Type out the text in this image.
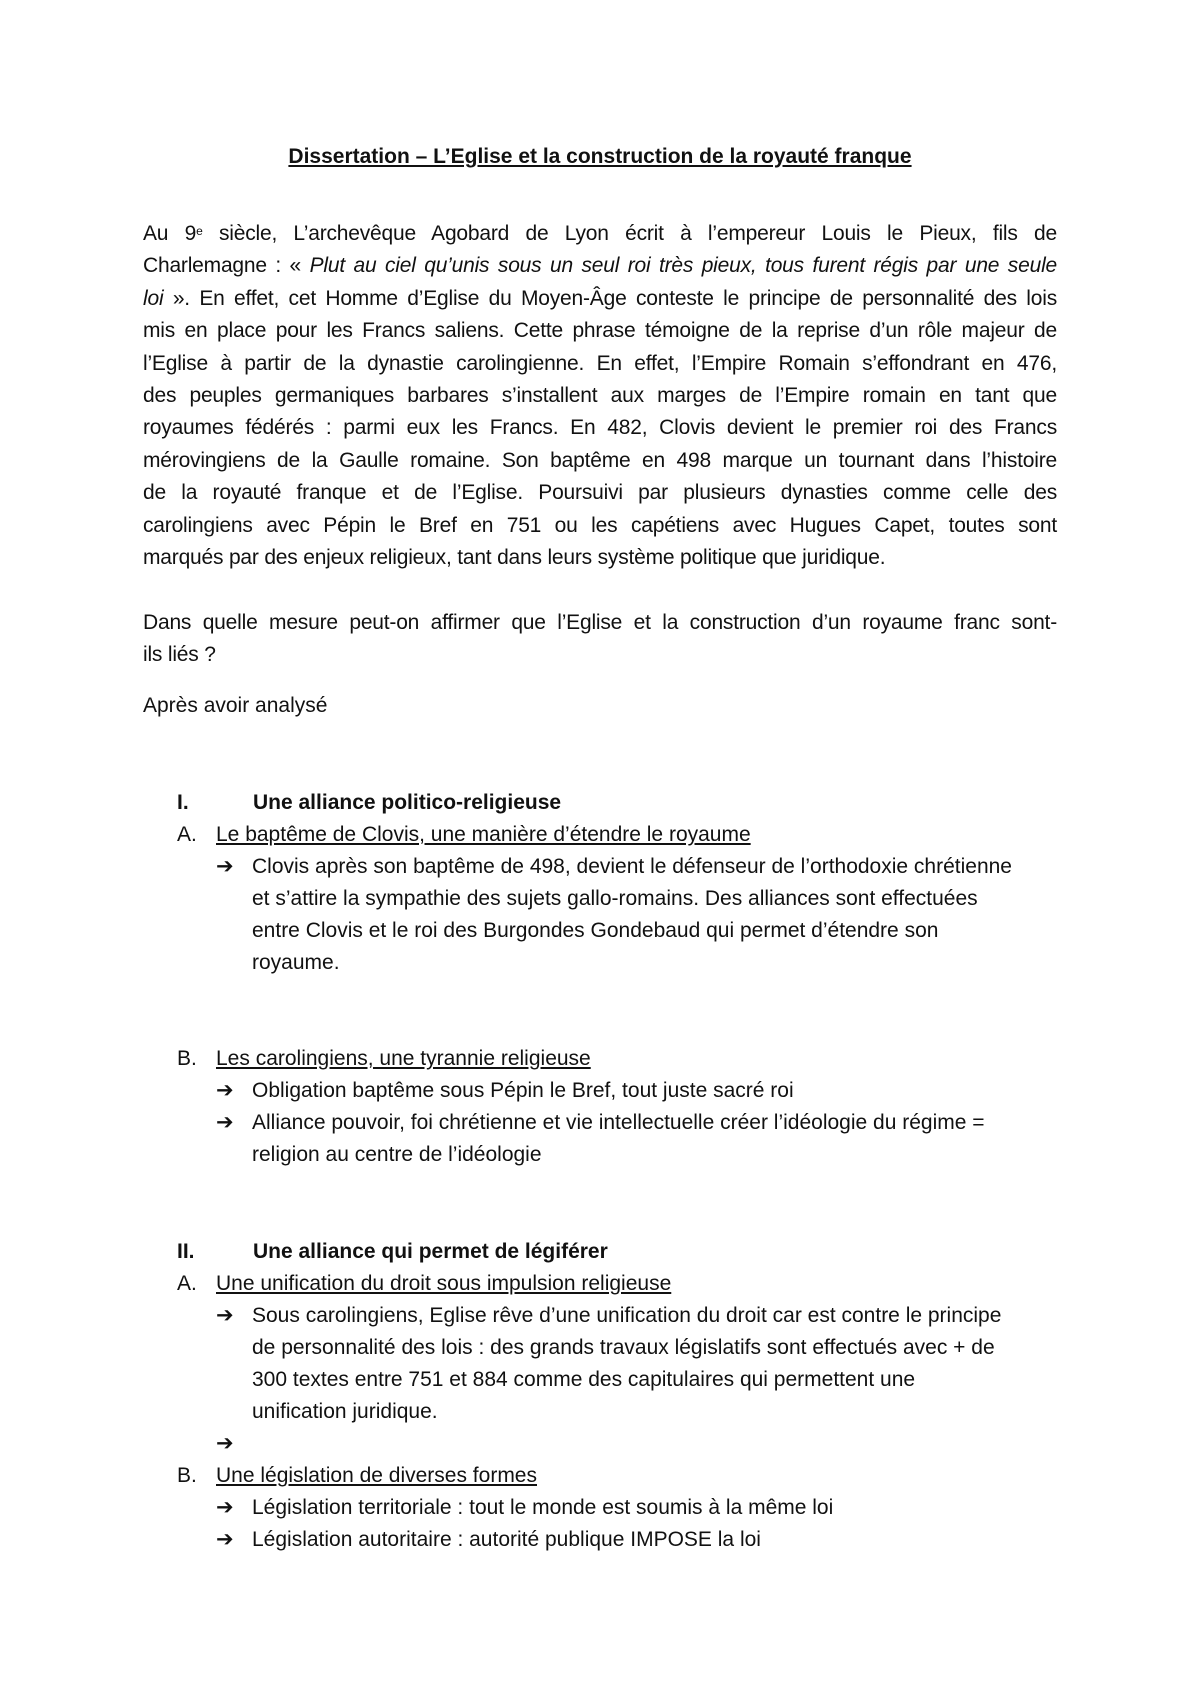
Dissertation – L’Eglise et la construction de la royauté franque
Au 9e siècle, L’archevêque Agobard de Lyon écrit à l’empereur Louis le Pieux, fils de
Charlemagne : « Plut au ciel qu’unis sous un seul roi très pieux, tous furent régis par une seule
loi ». En effet, cet Homme d’Eglise du Moyen-Âge conteste le principe de personnalité des lois
mis en place pour les Francs saliens. Cette phrase témoigne de la reprise d’un rôle majeur de
l’Eglise à partir de la dynastie carolingienne. En effet, l’Empire Romain s’effondrant en 476,
des peuples germaniques barbares s’installent aux marges de l’Empire romain en tant que
royaumes fédérés : parmi eux les Francs. En 482, Clovis devient le premier roi des Francs
mérovingiens de la Gaulle romaine. Son baptême en 498 marque un tournant dans l’histoire
de la royauté franque et de l’Eglise. Poursuivi par plusieurs dynasties comme celle des
carolingiens avec Pépin le Bref en 751 ou les capétiens avec Hugues Capet, toutes sont
marqués par des enjeux religieux, tant dans leurs système politique que juridique.
Dans quelle mesure peut-on affirmer que l’Eglise et la construction d’un royaume franc sont-
ils liés ?
Après avoir analysé
I.	Une alliance politico-religieuse
A. Le baptême de Clovis, une manière d’étendre le royaume
➔ Clovis après son baptême de 498, devient le défenseur de l’orthodoxie chrétienne
et s’attire la sympathie des sujets gallo-romains. Des alliances sont effectuées
entre Clovis et le roi des Burgondes Gondebaud qui permet d’étendre son
royaume.
B. Les carolingiens, une tyrannie religieuse
➔ Obligation baptême sous Pépin le Bref, tout juste sacré roi
➔ Alliance pouvoir, foi chrétienne et vie intellectuelle créer l’idéologie du régime =
religion au centre de l’idéologie
II.	Une alliance qui permet de légiférer
A. Une unification du droit sous impulsion religieuse
➔ Sous carolingiens, Eglise rêve d’une unification du droit car est contre le principe
de personnalité des lois : des grands travaux législatifs sont effectués avec + de
300 textes entre 751 et 884 comme des capitulaires qui permettent une
unification juridique.
➔

B. Une législation de diverses formes
➔ Législation territoriale : tout le monde est soumis à la même loi
➔ Législation autoritaire : autorité publique IMPOSE la loi
